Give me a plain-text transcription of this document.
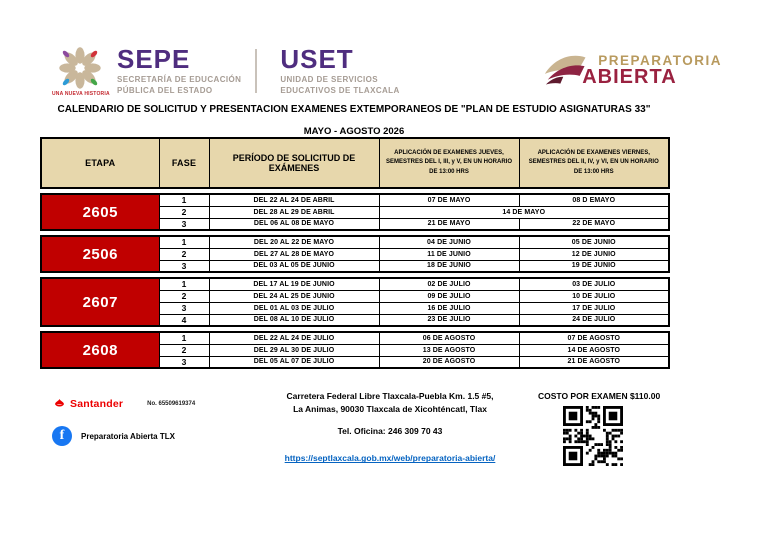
UNA NUEVA HISTORIA
SEPE
SECRETARÍA DE EDUCACIÓN
PÚBLICA DEL ESTADO
USET
UNIDAD DE SERVICIOS
EDUCATIVOS DE TLAXCALA
PREPARATORIA
ABIERTA
CALENDARIO DE SOLICITUD Y PRESENTACION EXAMENES EXTEMPORANEOS DE "PLAN DE ESTUDIO ASIGNATURAS 33"
MAYO - AGOSTO 2026
ETAPA	FASE	PERÍODO DE SOLICITUD DE EXÁMENES	APLICACIÓN DE EXAMENES JUEVES, SEMESTRES DEL I, III, y V, EN UN HORARIO DE 13:00 HRS	APLICACIÓN DE EXAMENES VIERNES, SEMESTRES DEL II, IV, y VI, EN UN HORARIO DE 13:00 HRS
2605	1	DEL 22 AL 24 DE ABRIL	07 DE MAYO	08 D EMAYO
	2	DEL 28 AL 29 DE ABRIL	14 DE MAYO	
	3	DEL 06 AL 08 DE MAYO	21 DE MAYO	22 DE MAYO
2506	1	DEL 20 AL 22 DE MAYO	04 DE JUNIO	05 DE JUNIO
	2	DEL 27 AL 28 DE MAYO	11 DE JUNIO	12 DE JUNIO
	3	DEL 03 AL 05 DE JUNIO	18 DE JUNIO	19 DE JUNIO
2607	1	DEL 17 AL 19 DE JUNIO	02 DE JULIO	03 DE JULIO
	2	DEL 24 AL 25 DE JUNIO	09 DE JULIO	10 DE JULIO
	3	DEL 01 AL 03 DE JULIO	16 DE JULIO	17 DE JULIO
	4	DEL 08 AL 10 DE JULIO	23 DE JULIO	24 DE JULIO
2608	1	DEL 22 AL 24 DE JULIO	06 DE AGOSTO	07 DE AGOSTO
	2	DEL 29 AL 30 DE JULIO	13 DE AGOSTO	14 DE AGOSTO
	3	DEL 05 AL 07 DE JULIO	20 DE AGOSTO	21 DE AGOSTO
Santander	No. 65509619374
f	Preparatoria Abierta TLX
Carretera Federal Libre Tlaxcala-Puebla Km. 1.5 #5,
La Animas, 90030 Tlaxcala de Xicohténcatl, Tlax
Tel. Oficina: 246 309 70 43
https://septlaxcala.gob.mx/web/preparatoria-abierta/
COSTO POR EXAMEN $110.00
